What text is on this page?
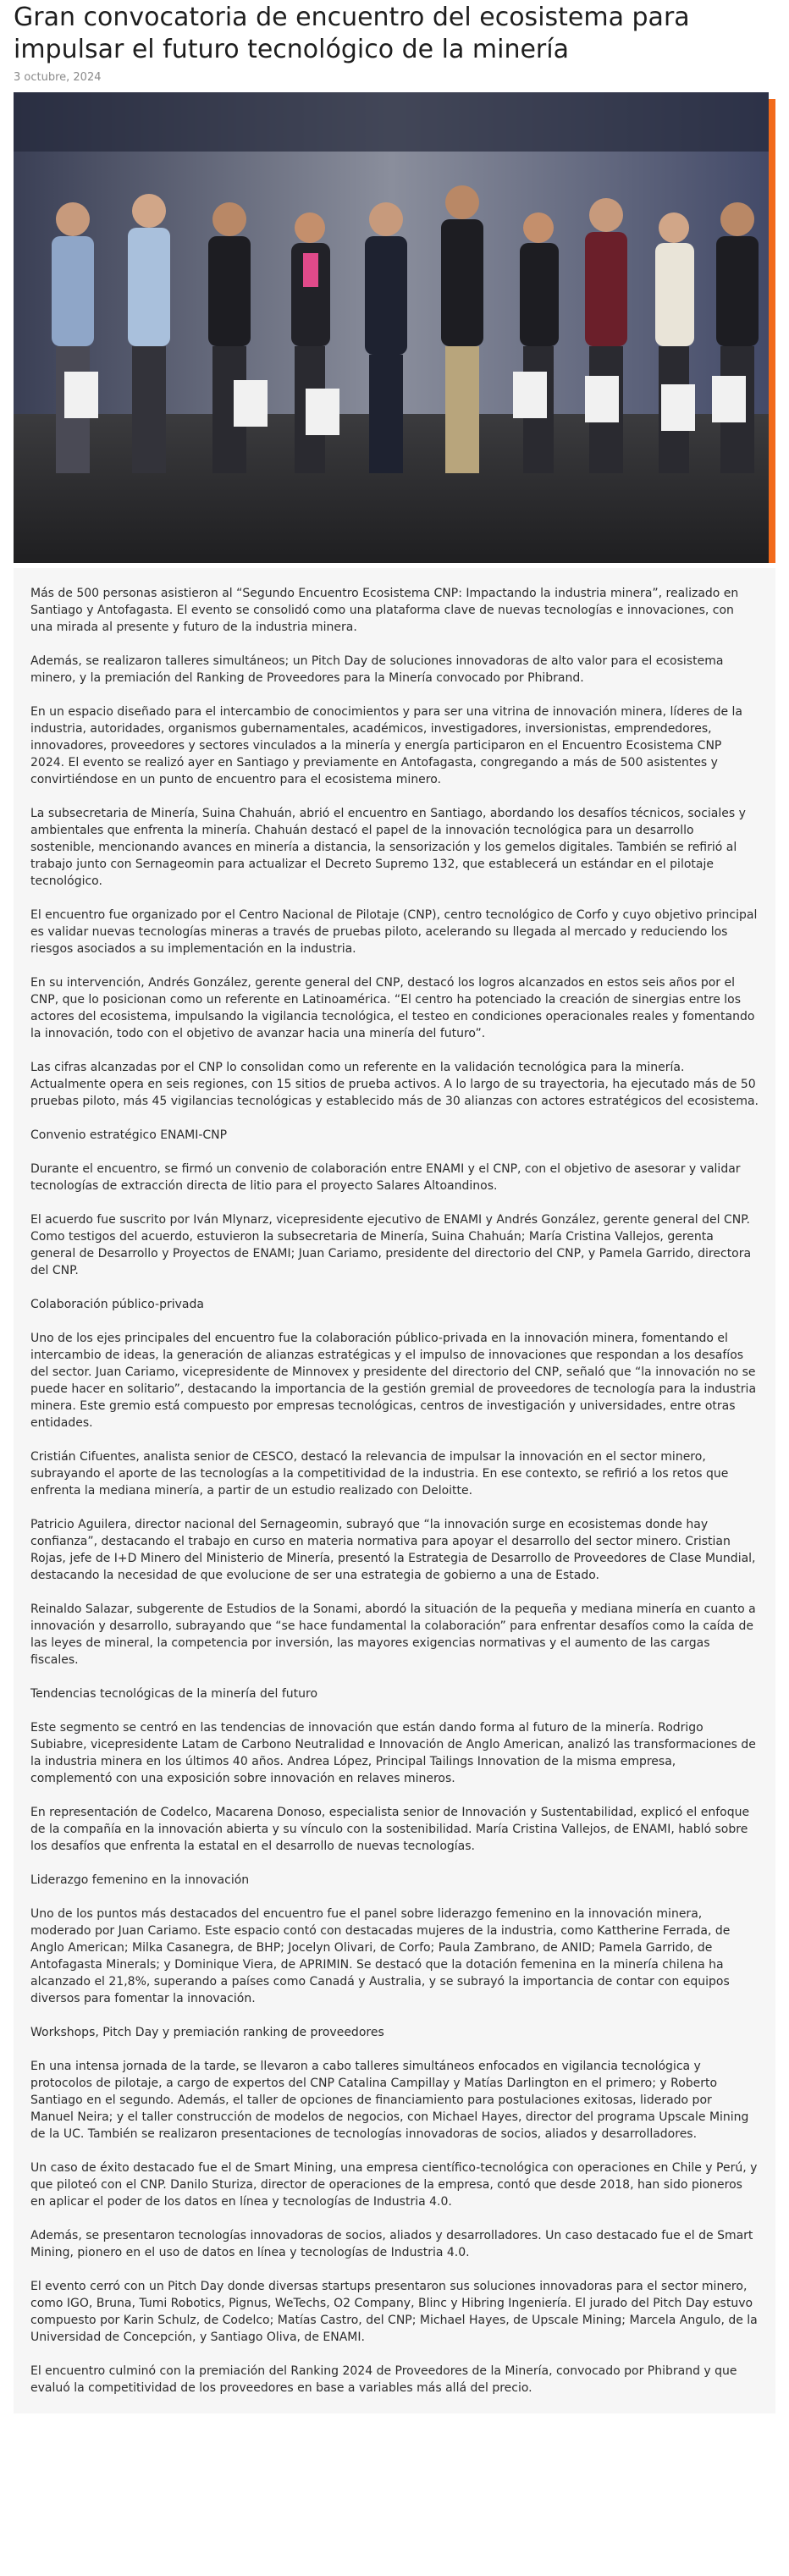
Gran convocatoria de encuentro del ecosistema para impulsar el futuro tecnológico de la minería
3 octubre, 2024

Más de 500 personas asistieron al “Segundo Encuentro Ecosistema CNP: Impactando la industria minera”, realizado en Santiago y Antofagasta. El evento se consolidó como una plataforma clave de nuevas tecnologías e innovaciones, con una mirada al presente y futuro de la industria minera.

Además, se realizaron talleres simultáneos; un Pitch Day de soluciones innovadoras de alto valor para el ecosistema minero, y la premiación del Ranking de Proveedores para la Minería convocado por Phibrand.

En un espacio diseñado para el intercambio de conocimientos y para ser una vitrina de innovación minera, líderes de la industria, autoridades, organismos gubernamentales, académicos, investigadores, inversionistas, emprendedores, innovadores, proveedores y sectores vinculados a la minería y energía participaron en el Encuentro Ecosistema CNP 2024. El evento se realizó ayer en Santiago y previamente en Antofagasta, congregando a más de 500 asistentes y convirtiéndose en un punto de encuentro para el ecosistema minero.

La subsecretaria de Minería, Suina Chahuán, abrió el encuentro en Santiago, abordando los desafíos técnicos, sociales y ambientales que enfrenta la minería. Chahuán destacó el papel de la innovación tecnológica para un desarrollo sostenible, mencionando avances en minería a distancia, la sensorización y los gemelos digitales. También se refirió al trabajo junto con Sernageomin para actualizar el Decreto Supremo 132, que establecerá un estándar en el pilotaje tecnológico.

El encuentro fue organizado por el Centro Nacional de Pilotaje (CNP), centro tecnológico de Corfo y cuyo objetivo principal es validar nuevas tecnologías mineras a través de pruebas piloto, acelerando su llegada al mercado y reduciendo los riesgos asociados a su implementación en la industria.

En su intervención, Andrés González, gerente general del CNP, destacó los logros alcanzados en estos seis años por el CNP, que lo posicionan como un referente en Latinoamérica. “El centro ha potenciado la creación de sinergias entre los actores del ecosistema, impulsando la vigilancia tecnológica, el testeo en condiciones operacionales reales y fomentando la innovación, todo con el objetivo de avanzar hacia una minería del futuro”.

Las cifras alcanzadas por el CNP lo consolidan como un referente en la validación tecnológica para la minería. Actualmente opera en seis regiones, con 15 sitios de prueba activos. A lo largo de su trayectoria, ha ejecutado más de 50 pruebas piloto, más 45 vigilancias tecnológicas y establecido más de 30 alianzas con actores estratégicos del ecosistema.

Convenio estratégico ENAMI-CNP

Durante el encuentro, se firmó un convenio de colaboración entre ENAMI y el CNP, con el objetivo de asesorar y validar tecnologías de extracción directa de litio para el proyecto Salares Altoandinos.

El acuerdo fue suscrito por Iván Mlynarz, vicepresidente ejecutivo de ENAMI y Andrés González, gerente general del CNP. Como testigos del acuerdo, estuvieron la subsecretaria de Minería, Suina Chahuán; María Cristina Vallejos, gerenta general de Desarrollo y Proyectos de ENAMI; Juan Cariamo, presidente del directorio del CNP, y Pamela Garrido, directora del CNP.

Colaboración público-privada

Uno de los ejes principales del encuentro fue la colaboración público-privada en la innovación minera, fomentando el intercambio de ideas, la generación de alianzas estratégicas y el impulso de innovaciones que respondan a los desafíos del sector. Juan Cariamo, vicepresidente de Minnovex y presidente del directorio del CNP, señaló que “la innovación no se puede hacer en solitario”, destacando la importancia de la gestión gremial de proveedores de tecnología para la industria minera. Este gremio está compuesto por empresas tecnológicas, centros de investigación y universidades, entre otras entidades.

Cristián Cifuentes, analista senior de CESCO, destacó la relevancia de impulsar la innovación en el sector minero, subrayando el aporte de las tecnologías a la competitividad de la industria. En ese contexto, se refirió a los retos que enfrenta la mediana minería, a partir de un estudio realizado con Deloitte.

Patricio Aguilera, director nacional del Sernageomin, subrayó que “la innovación surge en ecosistemas donde hay confianza”, destacando el trabajo en curso en materia normativa para apoyar el desarrollo del sector minero. Cristian Rojas, jefe de I+D Minero del Ministerio de Minería, presentó la Estrategia de Desarrollo de Proveedores de Clase Mundial, destacando la necesidad de que evolucione de ser una estrategia de gobierno a una de Estado.

Reinaldo Salazar, subgerente de Estudios de la Sonami, abordó la situación de la pequeña y mediana minería en cuanto a innovación y desarrollo, subrayando que “se hace fundamental la colaboración” para enfrentar desafíos como la caída de las leyes de mineral, la competencia por inversión, las mayores exigencias normativas y el aumento de las cargas fiscales.

Tendencias tecnológicas de la minería del futuro

Este segmento se centró en las tendencias de innovación que están dando forma al futuro de la minería. Rodrigo Subiabre, vicepresidente Latam de Carbono Neutralidad e Innovación de Anglo American, analizó las transformaciones de la industria minera en los últimos 40 años. Andrea López, Principal Tailings Innovation de la misma empresa, complementó con una exposición sobre innovación en relaves mineros.

En representación de Codelco, Macarena Donoso, especialista senior de Innovación y Sustentabilidad, explicó el enfoque de la compañía en la innovación abierta y su vínculo con la sostenibilidad. María Cristina Vallejos, de ENAMI, habló sobre los desafíos que enfrenta la estatal en el desarrollo de nuevas tecnologías.

Liderazgo femenino en la innovación

Uno de los puntos más destacados del encuentro fue el panel sobre liderazgo femenino en la innovación minera, moderado por Juan Cariamo. Este espacio contó con destacadas mujeres de la industria, como Kattherine Ferrada, de Anglo American; Milka Casanegra, de BHP; Jocelyn Olivari, de Corfo; Paula Zambrano, de ANID; Pamela Garrido, de Antofagasta Minerals; y Dominique Viera, de APRIMIN. Se destacó que la dotación femenina en la minería chilena ha alcanzado el 21,8%, superando a países como Canadá y Australia, y se subrayó la importancia de contar con equipos diversos para fomentar la innovación.

Workshops, Pitch Day y premiación ranking de proveedores

En una intensa jornada de la tarde, se llevaron a cabo talleres simultáneos enfocados en vigilancia tecnológica y protocolos de pilotaje, a cargo de expertos del CNP Catalina Campillay y Matías Darlington en el primero; y Roberto Santiago en el segundo. Además, el taller de opciones de financiamiento para postulaciones exitosas, liderado por Manuel Neira; y el taller construcción de modelos de negocios, con Michael Hayes, director del programa Upscale Mining de la UC. También se realizaron presentaciones de tecnologías innovadoras de socios, aliados y desarrolladores.

Un caso de éxito destacado fue el de Smart Mining, una empresa científico-tecnológica con operaciones en Chile y Perú, y que piloteó con el CNP. Danilo Sturiza, director de operaciones de la empresa, contó que desde 2018, han sido pioneros en aplicar el poder de los datos en línea y tecnologías de Industria 4.0.

Además, se presentaron tecnologías innovadoras de socios, aliados y desarrolladores. Un caso destacado fue el de Smart Mining, pionero en el uso de datos en línea y tecnologías de Industria 4.0.

El evento cerró con un Pitch Day donde diversas startups presentaron sus soluciones innovadoras para el sector minero, como IGO, Bruna, Tumi Robotics, Pignus, WeTechs, O2 Company, Blinc y Hibring Ingeniería. El jurado del Pitch Day estuvo compuesto por Karin Schulz, de Codelco; Matías Castro, del CNP; Michael Hayes, de Upscale Mining; Marcela Angulo, de la Universidad de Concepción, y Santiago Oliva, de ENAMI.

El encuentro culminó con la premiación del Ranking 2024 de Proveedores de la Minería, convocado por Phibrand y que evaluó la competitividad de los proveedores en base a variables más allá del precio.
